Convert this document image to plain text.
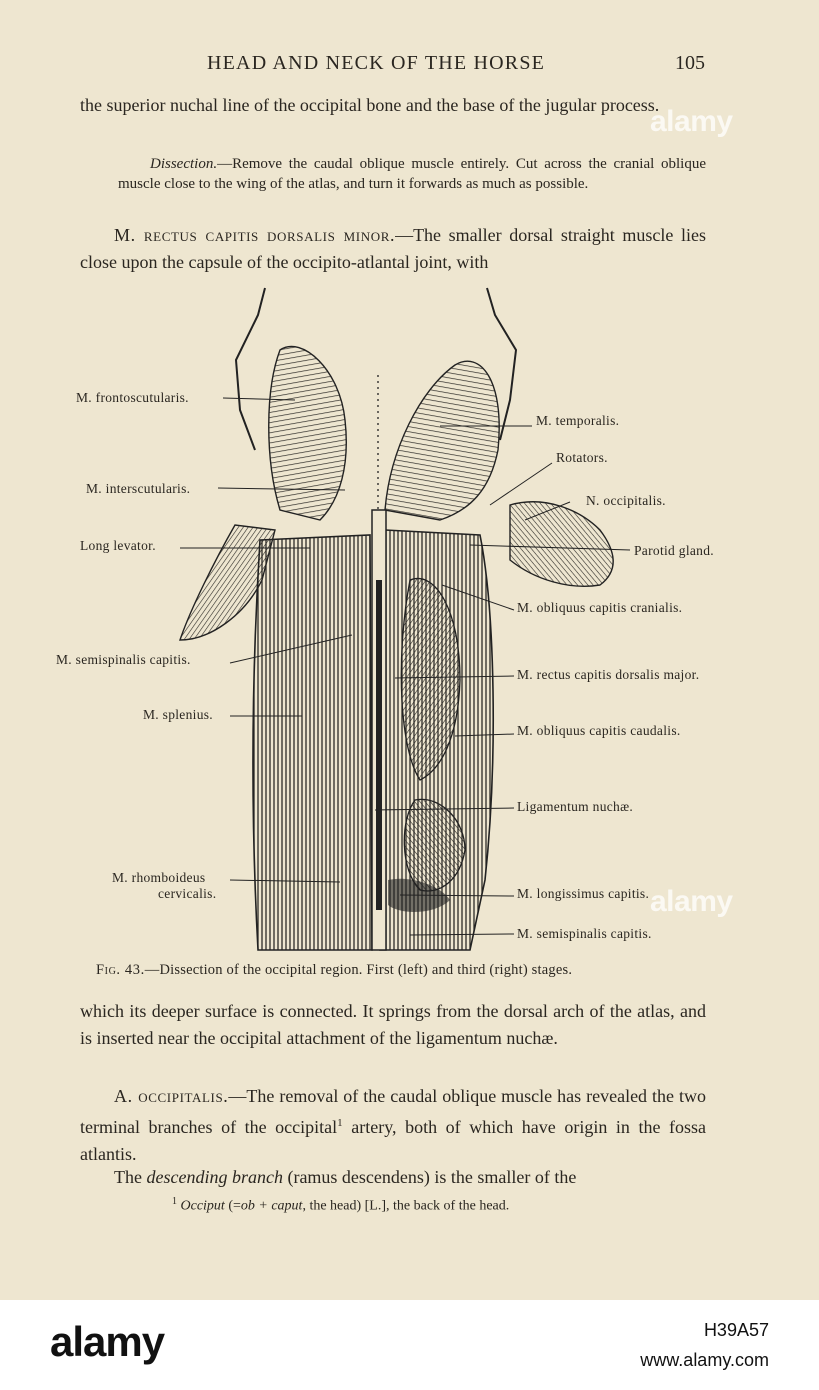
HEAD AND NECK OF THE HORSE	105

the superior nuchal line of the occipital bone and the base of the jugular process.

Dissection.—Remove the caudal oblique muscle entirely. Cut across the cranial oblique muscle close to the wing of the atlas, and turn it forwards as much as possible.

M. rectus capitis dorsalis minor.—The smaller dorsal straight muscle lies close upon the capsule of the occipito-atlantal joint, with

M. frontoscutularis.
M. interscutularis.
Long levator.
M. semispinalis capitis.
M. splenius.
M. rhomboideus
cervicalis.
M. temporalis.
Rotators.
N. occipitalis.
Parotid gland.
M. obliquus capitis cranialis.
M. rectus capitis dorsalis major.
M. obliquus capitis caudalis.
Ligamentum nuchæ.
M. longissimus capitis.
M. semispinalis capitis.
Fig. 43.—Dissection of the occipital region. First (left) and third (right) stages.

which its deeper surface is connected. It springs from the dorsal arch of the atlas, and is inserted near the occipital attachment of the ligamentum nuchæ.

A. occipitalis.—The removal of the caudal oblique muscle has revealed the two terminal branches of the occipital$^1$ artery, both of which have origin in the fossa atlantis.

The descending branch (ramus descendens) is the smaller of the

$^1$ Occiput (=ob + caput, the head) [L.], the back of the head.
alamy
alamy
alamy	H39A57
www.alamy.com
